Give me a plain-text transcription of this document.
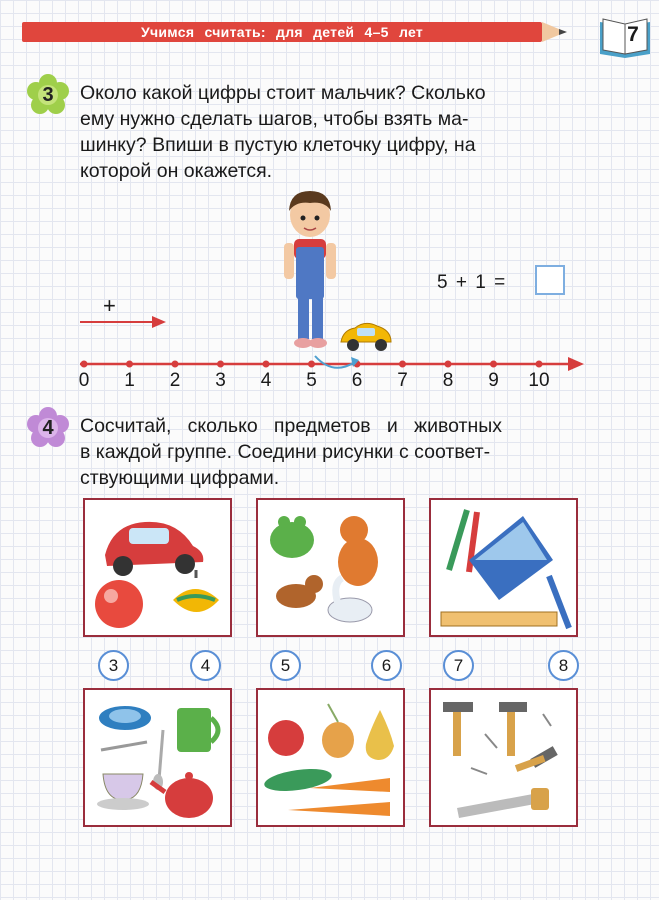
Учимся считать: для детей 4–5 лет	7
3	Около какой цифры стоит мальчик? Сколько
ему нужно сделать шагов, чтобы взять ма-
шинку? Впиши в пустую клеточку цифру, на
которой он окажется.
5 + 1 =
+
0	1	2	3	4	5	6	7	8	9	10
4	Сосчитай,   сколько   предметов   и   животных
в каждой группе. Соедини рисунки с соответ-
ствующими цифрами.
3	4	5	6	7	8
